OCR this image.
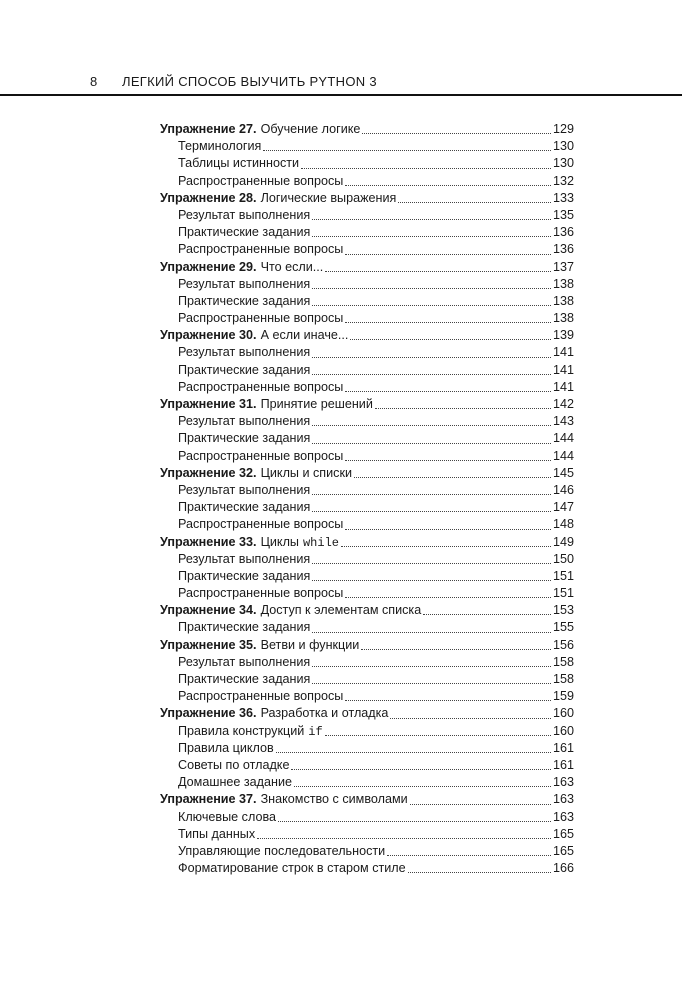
8	ЛЕГКИЙ СПОСОБ ВЫУЧИТЬ PYTHON 3
Упражнение 27. Обучение логике	129
Терминология	130
Таблицы истинности	130
Распространенные вопросы	132
Упражнение 28. Логические выражения	133
Результат выполнения	135
Практические задания	136
Распространенные вопросы	136
Упражнение 29. Что если...	137
Результат выполнения	138
Практические задания	138
Распространенные вопросы	138
Упражнение 30. А если иначе...	139
Результат выполнения	141
Практические задания	141
Распространенные вопросы	141
Упражнение 31. Принятие решений	142
Результат выполнения	143
Практические задания	144
Распространенные вопросы	144
Упражнение 32. Циклы и списки	145
Результат выполнения	146
Практические задания	147
Распространенные вопросы	148
Упражнение 33. Циклы while	149
Результат выполнения	150
Практические задания	151
Распространенные вопросы	151
Упражнение 34. Доступ к элементам списка	153
Практические задания	155
Упражнение 35. Ветви и функции	156
Результат выполнения	158
Практические задания	158
Распространенные вопросы	159
Упражнение 36. Разработка и отладка	160
Правила конструкций if	160
Правила циклов	161
Советы по отладке	161
Домашнее задание	163
Упражнение 37. Знакомство с символами	163
Ключевые слова	163
Типы данных	165
Управляющие последовательности	165
Форматирование строк в старом стиле	166
